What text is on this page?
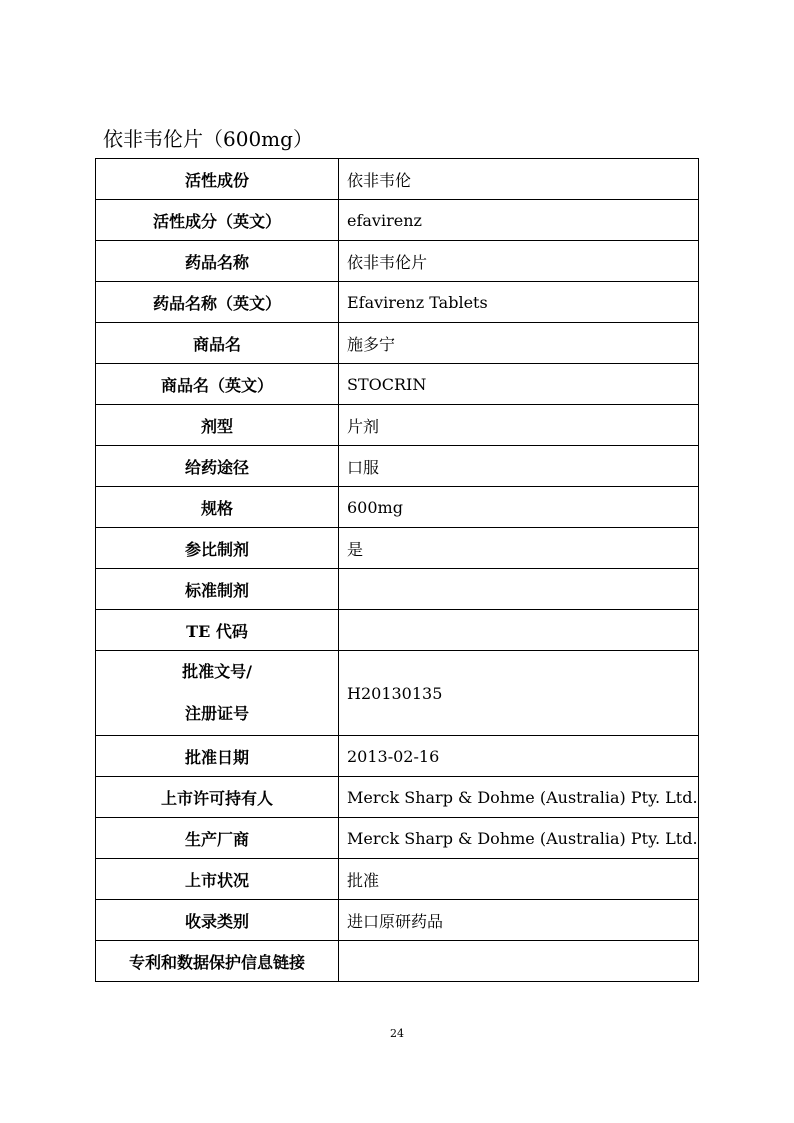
依非韦伦片（600mg）
活性成份	依非韦伦
活性成分（英文）	efavirenz
药品名称	依非韦伦片
药品名称（英文）	Efavirenz Tablets
商品名	施多宁
商品名（英文）	STOCRIN
剂型	片剂
给药途径	口服
规格	600mg
参比制剂	是
标准制剂	
TE 代码	

批准文号/
注册证号	H20130135
批准日期	2013-02-16
上市许可持有人	Merck Sharp & Dohme (Australia) Pty. Ltd.
生产厂商	Merck Sharp & Dohme (Australia) Pty. Ltd.
上市状况	批准
收录类别	进口原研药品
专利和数据保护信息链接	
24
